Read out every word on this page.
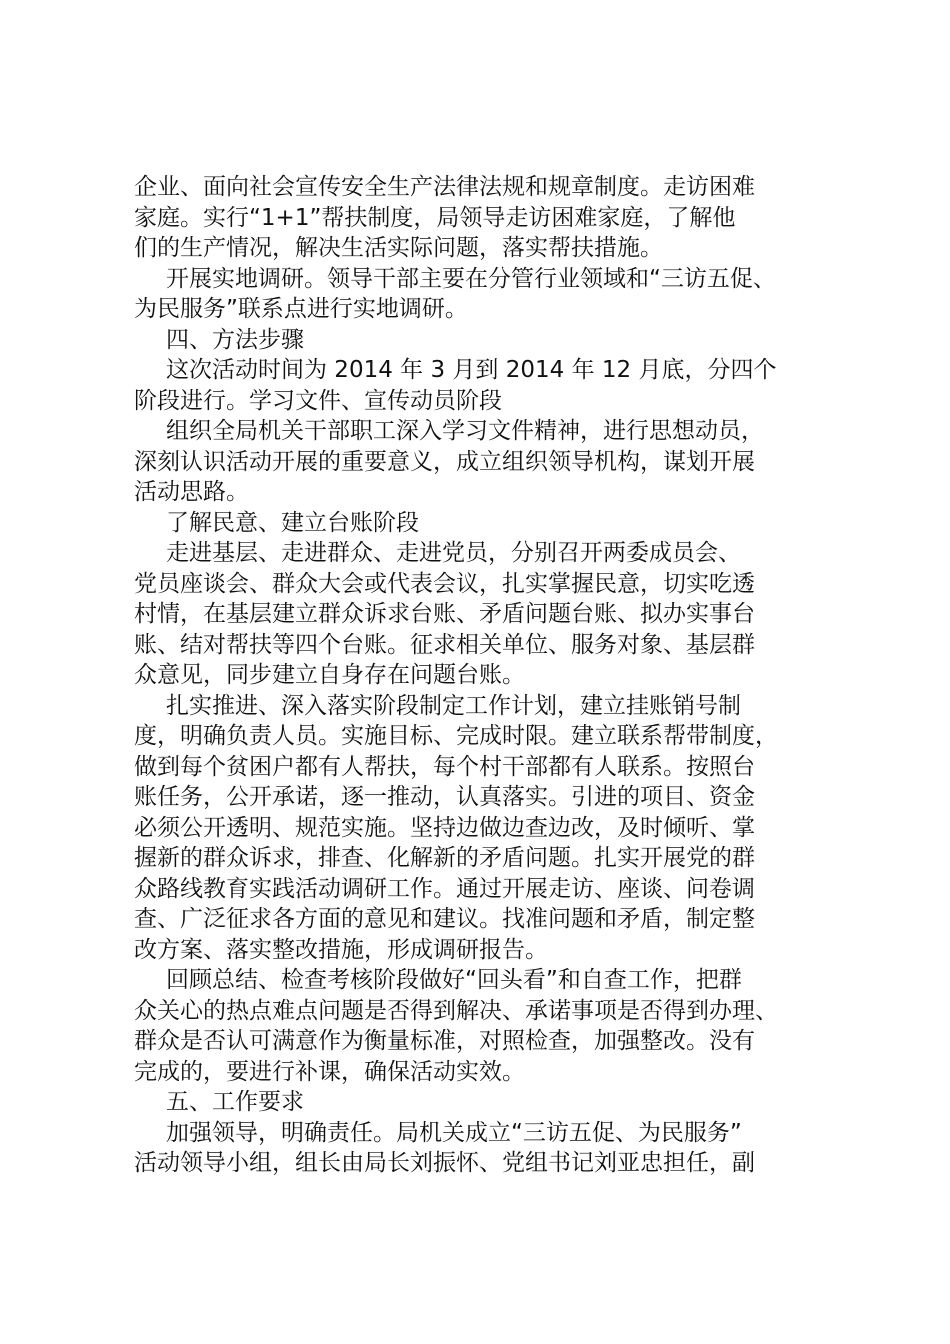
企业、面向社会宣传安全生产法律法规和规章制度。走访困难
家庭。实行“1+1”帮扶制度，局领导走访困难家庭，了解他
们的生产情况，解决生活实际问题，落实帮扶措施。
开展实地调研。领导干部主要在分管行业领域和“三访五促、
为民服务”联系点进行实地调研。
四、方法步骤
这次活动时间为 2014 年 3 月到 2014 年 12 月底，分四个
阶段进行。学习文件、宣传动员阶段
组织全局机关干部职工深入学习文件精神，进行思想动员，
深刻认识活动开展的重要意义，成立组织领导机构，谋划开展
活动思路。
了解民意、建立台账阶段
走进基层、走进群众、走进党员，分别召开两委成员会、
党员座谈会、群众大会或代表会议，扎实掌握民意，切实吃透
村情，在基层建立群众诉求台账、矛盾问题台账、拟办实事台
账、结对帮扶等四个台账。征求相关单位、服务对象、基层群
众意见，同步建立自身存在问题台账。
扎实推进、深入落实阶段制定工作计划，建立挂账销号制
度，明确负责人员。实施目标、完成时限。建立联系帮带制度，
做到每个贫困户都有人帮扶，每个村干部都有人联系。按照台
账任务，公开承诺，逐一推动，认真落实。引进的项目、资金
必须公开透明、规范实施。坚持边做边查边改，及时倾听、掌
握新的群众诉求，排查、化解新的矛盾问题。扎实开展党的群
众路线教育实践活动调研工作。通过开展走访、座谈、问卷调
查、广泛征求各方面的意见和建议。找准问题和矛盾，制定整
改方案、落实整改措施，形成调研报告。
回顾总结、检查考核阶段做好“回头看”和自查工作，把群
众关心的热点难点问题是否得到解决、承诺事项是否得到办理、
群众是否认可满意作为衡量标准，对照检查，加强整改。没有
完成的，要进行补课，确保活动实效。
五、工作要求
加强领导，明确责任。局机关成立“三访五促、为民服务”
活动领导小组，组长由局长刘振怀、党组书记刘亚忠担任，副
